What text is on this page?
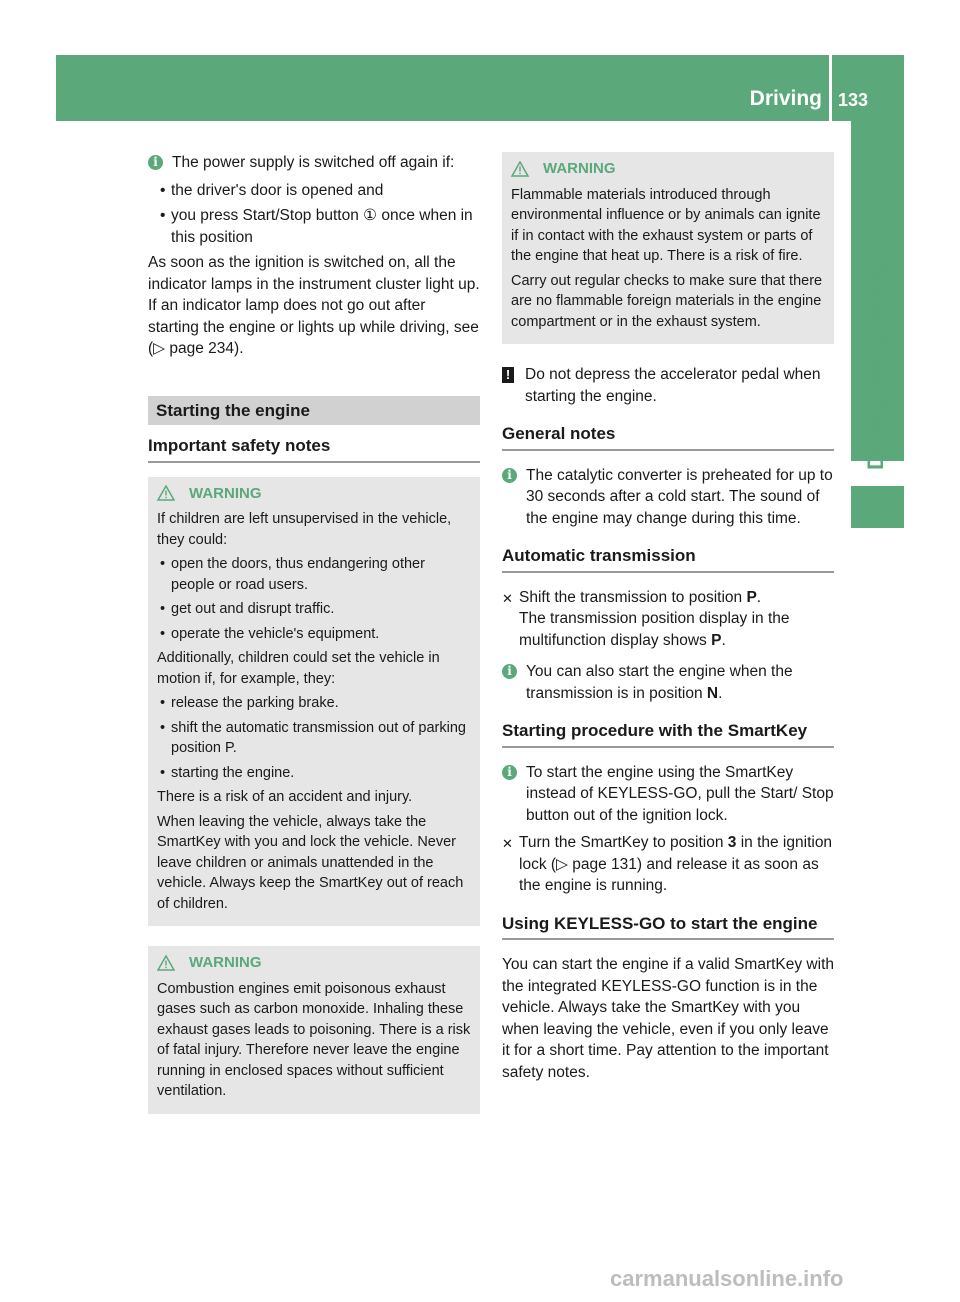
Driving 133
Driving and parking
i The power supply is switched off again if:
• the driver's door is opened and
• you press Start/Stop button ① once when in this position

As soon as the ignition is switched on, all the indicator lamps in the instrument cluster light up. If an indicator lamp does not go out after starting the engine or lights up while driving, see (▷ page 234).

Starting the engine
Important safety notes
WARNING

If children are left unsupervised in the vehicle, they could:

• open the doors, thus endangering other people or road users.
• get out and disrupt traffic.
• operate the vehicle's equipment.

Additionally, children could set the vehicle in motion if, for example, they:

• release the parking brake.
• shift the automatic transmission out of parking position P.
• starting the engine.

There is a risk of an accident and injury.

When leaving the vehicle, always take the SmartKey with you and lock the vehicle. Never leave children or animals unattended in the vehicle. Always keep the SmartKey out of reach of children.

WARNING

Combustion engines emit poisonous exhaust gases such as carbon monoxide. Inhaling these exhaust gases leads to poisoning. There is a risk of fatal injury. Therefore never leave the engine running in enclosed spaces without sufficient ventilation.

WARNING

Flammable materials introduced through environmental influence or by animals can ignite if in contact with the exhaust system or parts of the engine that heat up. There is a risk of fire.

Carry out regular checks to make sure that there are no flammable foreign materials in the engine compartment or in the exhaust system.

! Do not depress the accelerator pedal when starting the engine.
General notes
i The catalytic converter is preheated for up to 30 seconds after a cold start. The sound of the engine may change during this time.
Automatic transmission
✕ Shift the transmission to position P.
The transmission position display in the multifunction display shows P.
i You can also start the engine when the transmission is in position N.
Starting procedure with the SmartKey
i To start the engine using the SmartKey instead of KEYLESS-GO, pull the Start/ Stop button out of the ignition lock.
✕ Turn the SmartKey to position 3 in the ignition lock (▷ page 131) and release it as soon as the engine is running.
Using KEYLESS-GO to start the engine

You can start the engine if a valid SmartKey with the integrated KEYLESS-GO function is in the vehicle. Always take the SmartKey with you when leaving the vehicle, even if you only leave it for a short time. Pay attention to the important safety notes.

carmanualsonline.info
